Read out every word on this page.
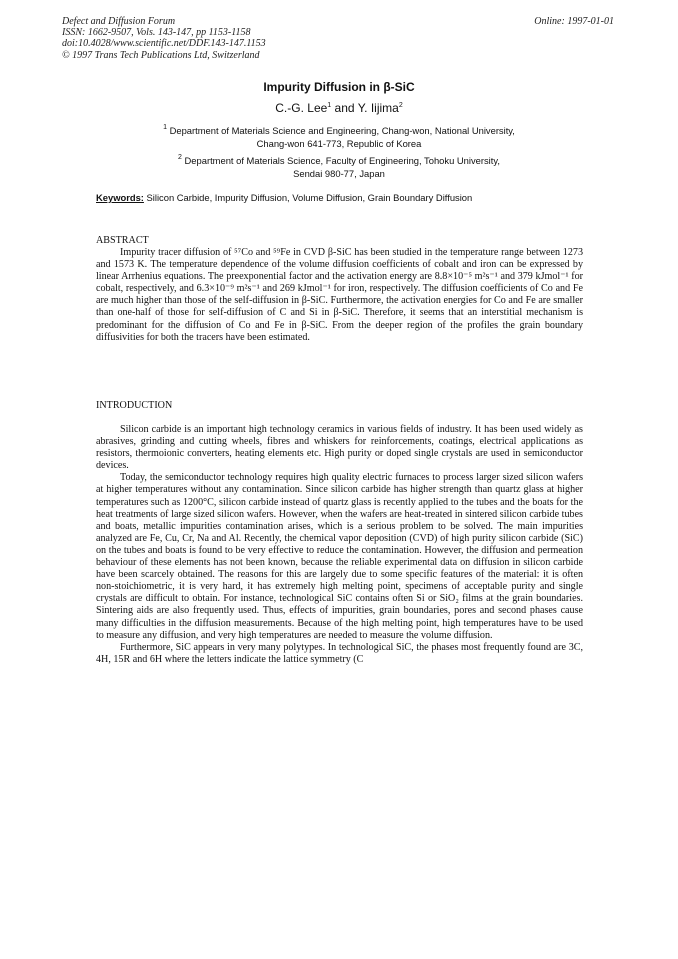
Defect and Diffusion Forum
ISSN: 1662-9507, Vols. 143-147, pp 1153-1158
doi:10.4028/www.scientific.net/DDF.143-147.1153
© 1997 Trans Tech Publications Ltd, Switzerland
Online: 1997-01-01
Impurity Diffusion in β-SiC
C.-G. Lee$^1$ and Y. Iijima$^2$
$^1$ Department of Materials Science and Engineering, Chang-won, National University,
Chang-won 641-773, Republic of Korea
$^2$ Department of Materials Science, Faculty of Engineering, Tohoku University,
Sendai 980-77, Japan
Keywords: Silicon Carbide, Impurity Diffusion, Volume Diffusion, Grain Boundary Diffusion
ABSTRACT

Impurity tracer diffusion of ⁵⁷Co and ⁵⁹Fe in CVD β-SiC has been studied in the temperature range between 1273 and 1573 K. The temperature dependence of the volume diffusion coefficients of cobalt and iron can be expressed by linear Arrhenius equations. The preexponential factor and the activation energy are 8.8×10⁻⁵ m²s⁻¹ and 379 kJmol⁻¹ for cobalt, respectively, and 6.3×10⁻⁹ m²s⁻¹ and 269 kJmol⁻¹ for iron, respectively. The diffusion coefficients of Co and Fe are much higher than those of the self-diffusion in β-SiC. Furthermore, the activation energies for Co and Fe are smaller than one-half of those for self-diffusion of C and Si in β-SiC. Therefore, it seems that an interstitial mechanism is predominant for the diffusion of Co and Fe in β-SiC. From the deeper region of the profiles the grain boundary diffusivities for both the tracers have been estimated.

INTRODUCTION

Silicon carbide is an important high technology ceramics in various fields of industry. It has been used widely as abrasives, grinding and cutting wheels, fibres and whiskers for reinforcements, coatings, electrical applications as resistors, thermoionic converters, heating elements etc. High purity or doped single crystals are used in semiconductor devices.

Today, the semiconductor technology requires high quality electric furnaces to process larger sized silicon wafers at higher temperatures without any contamination. Since silicon carbide has higher strength than quartz glass at higher temperatures such as 1200°C, silicon carbide instead of quartz glass is recently applied to the tubes and the boats for the heat treatments of large sized silicon wafers. However, when the wafers are heat-treated in sintered silicon carbide tubes and boats, metallic impurities contamination arises, which is a serious problem to be solved. The main impurities analyzed are Fe, Cu, Cr, Na and Al. Recently, the chemical vapor deposition (CVD) of high purity silicon carbide (SiC) on the tubes and boats is found to be very effective to reduce the contamination. However, the diffusion and permeation behaviour of these elements has not been known, because the reliable experimental data on diffusion in silicon carbide have been scarcely obtained. The reasons for this are largely due to some specific features of the material: it is often non-stoichiometric, it is very hard, it has extremely high melting point, specimens of acceptable purity and single crystals are difficult to obtain. For instance, technological SiC contains often Si or SiO₂ films at the grain boundaries. Sintering aids are also frequently used. Thus, effects of impurities, grain boundaries, pores and second phases cause many difficulties in the diffusion measurements. Because of the high melting point, high temperatures have to be used to measure any diffusion, and very high temperatures are needed to measure the volume diffusion.

Furthermore, SiC appears in very many polytypes. In technological SiC, the phases most frequently found are 3C, 4H, 15R and 6H where the letters indicate the lattice symmetry (C
